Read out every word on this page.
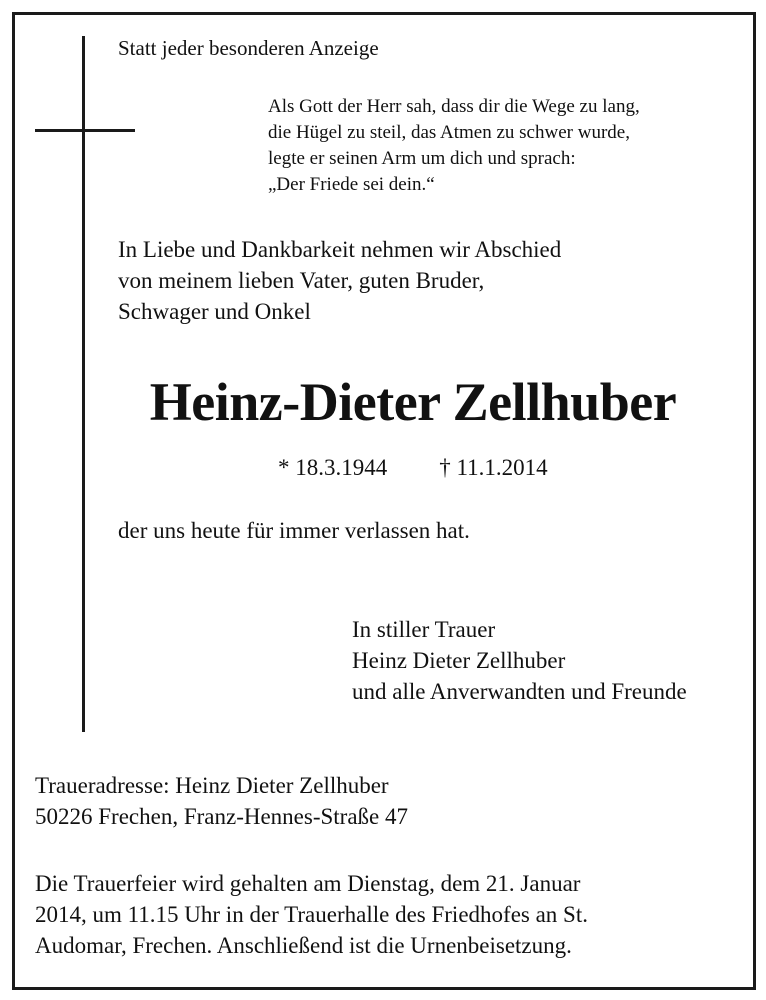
Statt jeder besonderen Anzeige

Als Gott der Herr sah, dass dir die Wege zu lang,
die Hügel zu steil, das Atmen zu schwer wurde,
legte er seinen Arm um dich und sprach:
„Der Friede sei dein.“
In Liebe und Dankbarkeit nehmen wir Abschied
von meinem lieben Vater, guten Bruder,
Schwager und Onkel
Heinz-Dieter Zellhuber
* 18.3.1944 † 11.1.2014

der uns heute für immer verlassen hat.

In stiller Trauer
Heinz Dieter Zellhuber
und alle Anverwandten und Freunde
Traueradresse: Heinz Dieter Zellhuber
50226 Frechen, Franz-Hennes-Straße 47
Die Trauerfeier wird gehalten am Dienstag, dem 21. Januar
2014, um 11.15 Uhr in der Trauerhalle des Friedhofes an St.
Audomar, Frechen. Anschließend ist die Urnenbeisetzung.
